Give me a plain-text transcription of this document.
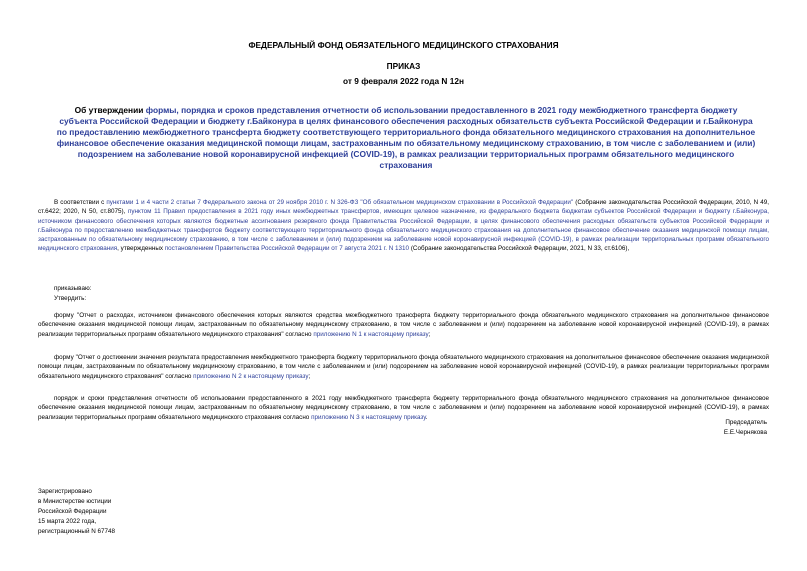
ФЕДЕРАЛЬНЫЙ ФОНД ОБЯЗАТЕЛЬНОГО МЕДИЦИНСКОГО СТРАХОВАНИЯ
ПРИКАЗ
от 9 февраля 2022 года N 12н
Об утверждении формы, порядка и сроков представления отчетности об использовании предоставленного в 2021 году межбюджетного трансферта бюджету субъекта Российской Федерации и бюджету г.Байконура в целях финансового обеспечения расходных обязательств субъекта Российской Федерации и г.Байконура по предоставлению межбюджетного трансферта бюджету соответствующего территориального фонда обязательного медицинского страхования на дополнительное финансовое обеспечение оказания медицинской помощи лицам, застрахованным по обязательному медицинскому страхованию, в том числе с заболеванием и (или) подозрением на заболевание новой коронавирусной инфекцией (COVID-19), в рамках реализации территориальных программ обязательного медицинского страхования
В соответствии с пунктами 1 и 4 части 2 статьи 7 Федерального закона от 29 ноября 2010 г. N 326-ФЗ "Об обязательном медицинском страховании в Российской Федерации" (Собрание законодательства Российской Федерации, 2010, N 49, ст.6422; 2020, N 50, ст.8075), пунктом 11 Правил предоставления в 2021 году иных межбюджетных трансфертов, имеющих целевое назначение, из федерального бюджета бюджетам субъектов Российской Федерации и бюджету г.Байконура, источником финансового обеспечения которых являются бюджетные ассигнования резервного фонда Правительства Российской Федерации, в целях финансового обеспечения расходных обязательств субъектов Российской Федерации и г.Байконура по предоставлению межбюджетных трансфертов бюджету соответствующего территориального фонда обязательного медицинского страхования на дополнительное финансовое обеспечение оказания медицинской помощи лицам, застрахованным по обязательному медицинскому страхованию, в том числе с заболеванием и (или) подозрением на заболевание новой коронавирусной инфекцией (COVID-19), в рамках реализации территориальных программ обязательного медицинского страхования, утвержденных постановлением Правительства Российской Федерации от 7 августа 2021 г. N 1310 (Собрание законодательства Российской Федерации, 2021, N 33, ст.6106),
приказываю:
Утвердить:
форму "Отчет о расходах, источником финансового обеспечения которых являются средства межбюджетного трансферта бюджету территориального фонда обязательного медицинского страхования на дополнительное финансовое обеспечение оказания медицинской помощи лицам, застрахованным по обязательному медицинскому страхованию, в том числе с заболеванием и (или) подозрением на заболевание новой коронавирусной инфекцией (COVID-19), в рамках реализации территориальных программ обязательного медицинского страхования" согласно приложению N 1 к настоящему приказу;
форму "Отчет о достижении значения результата предоставления межбюджетного трансферта бюджету территориального фонда обязательного медицинского страхования на дополнительное финансовое обеспечение оказания медицинской помощи лицам, застрахованным по обязательному медицинскому страхованию, в том числе с заболеванием и (или) подозрением на заболевание новой коронавирусной инфекцией (COVID-19), в рамках реализации территориальных программ обязательного медицинского страхования" согласно приложению N 2 к настоящему приказу;
порядок и сроки представления отчетности об использовании предоставленного в 2021 году межбюджетного трансферта бюджету территориального фонда обязательного медицинского страхования на дополнительное финансовое обеспечение оказания медицинской помощи лицам, застрахованным по обязательному медицинскому страхованию, в том числе с заболеванием и (или) подозрением на заболевание новой коронавирусной инфекцией (COVID-19), в рамках реализации территориальных программ обязательного медицинского страхования согласно приложению N 3 к настоящему приказу.
Председатель
Е.Е.Чернякова
Зарегистрировано
в Министерстве юстиции
Российской Федерации
15 марта 2022 года,
регистрационный N 67748
